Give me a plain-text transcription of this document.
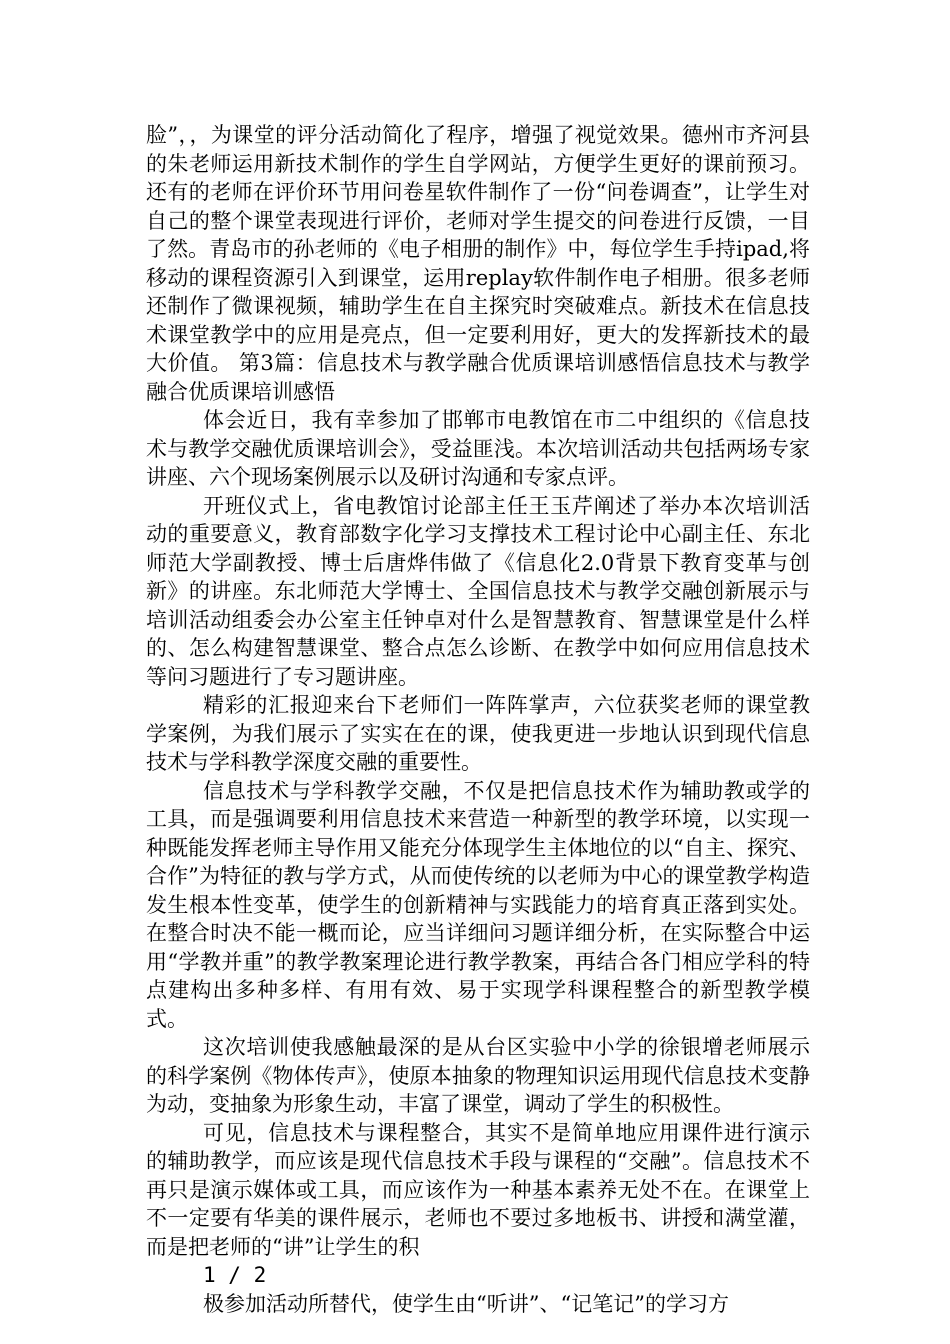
脸”，，为课堂的评分活动简化了程序，增强了视觉效果。德州市齐河县的朱老师运用新技术制作的学生自学网站，方便学生更好的课前预习。还有的老师在评价环节用问卷星软件制作了一份“问卷调查”，让学生对自己的整个课堂表现进行评价，老师对学生提交的问卷进行反馈，一目了然。青岛市的孙老师的《电子相册的制作》中，每位学生手持ipad,将移动的课程资源引入到课堂，运用replay软件制作电子相册。很多老师还制作了微课视频，辅助学生在自主探究时突破难点。新技术在信息技术课堂教学中的应用是亮点，但一定要利用好，更大的发挥新技术的最大价值。 第3篇：信息技术与教学融合优质课培训感悟信息技术与教学融合优质课培训感悟

体会近日，我有幸参加了邯郸市电教馆在市二中组织的《信息技术与教学交融优质课培训会》，受益匪浅。本次培训活动共包括两场专家讲座、六个现场案例展示以及研讨沟通和专家点评。

开班仪式上，省电教馆讨论部主任王玉芹阐述了举办本次培训活动的重要意义，教育部数字化学习支撑技术工程讨论中心副主任、东北师范大学副教授、博士后唐烨伟做了《信息化2.0背景下教育变革与创新》的讲座。东北师范大学博士、全国信息技术与教学交融创新展示与培训活动组委会办公室主任钟卓对什么是智慧教育、智慧课堂是什么样的、怎么构建智慧课堂、整合点怎么诊断、在教学中如何应用信息技术等问习题进行了专习题讲座。

精彩的汇报迎来台下老师们一阵阵掌声，六位获奖老师的课堂教学案例，为我们展示了实实在在的课，使我更进一步地认识到现代信息技术与学科教学深度交融的重要性。

信息技术与学科教学交融，不仅是把信息技术作为辅助教或学的工具，而是强调要利用信息技术来营造一种新型的教学环境，以实现一种既能发挥老师主导作用又能充分体现学生主体地位的以“自主、探究、合作”为特征的教与学方式，从而使传统的以老师为中心的课堂教学构造发生根本性变革，使学生的创新精神与实践能力的培育真正落到实处。在整合时决不能一概而论，应当详细问习题详细分析，在实际整合中运用“学教并重”的教学教案理论进行教学教案，再结合各门相应学科的特点建构出多种多样、有用有效、易于实现学科课程整合的新型教学模式。

这次培训使我感触最深的是从台区实验中小学的徐银增老师展示的科学案例《物体传声》，使原本抽象的物理知识运用现代信息技术变静为动，变抽象为形象生动，丰富了课堂，调动了学生的积极性。

可见，信息技术与课程整合，其实不是简单地应用课件进行演示的辅助教学，而应该是现代信息技术手段与课程的“交融”。信息技术不再只是演示媒体或工具，而应该作为一种基本素养无处不在。在课堂上不一定要有华美的课件展示，老师也不要过多地板书、讲授和满堂灌，而是把老师的“讲”让学生的积

1 / 2

极参加活动所替代，使学生由“听讲”、“记笔记”的学习方
